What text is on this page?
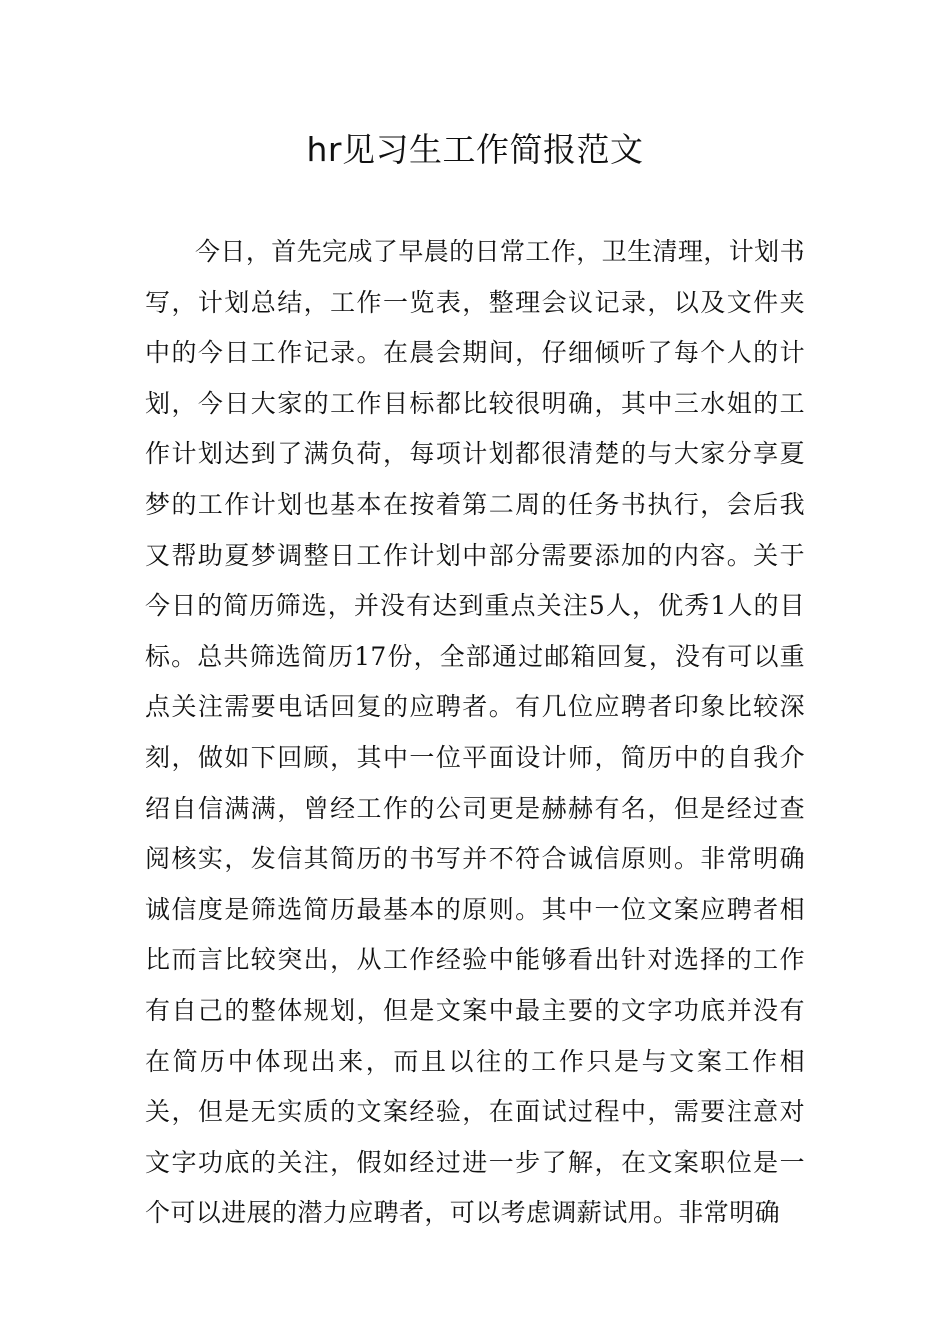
hr见习生工作简报范文

今日，首先完成了早晨的日常工作，卫生清理，计划书写，计划总结，工作一览表，整理会议记录，以及文件夹中的今日工作记录。在晨会期间，仔细倾听了每个人的计划，今日大家的工作目标都比较很明确，其中三水姐的工作计划达到了满负荷，每项计划都很清楚的与大家分享夏梦的工作计划也基本在按着第二周的任务书执行，会后我又帮助夏梦调整日工作计划中部分需要添加的内容。关于今日的简历筛选，并没有达到重点关注5人，优秀1人的目标。总共筛选简历17份，全部通过邮箱回复，没有可以重点关注需要电话回复的应聘者。有几位应聘者印象比较深刻，做如下回顾，其中一位平面设计师，简历中的自我介绍自信满满，曾经工作的公司更是赫赫有名，但是经过查阅核实，发信其简历的书写并不符合诚信原则。非常明确诚信度是筛选简历最基本的原则。其中一位文案应聘者相比而言比较突出，从工作经验中能够看出针对选择的工作有自己的整体规划，但是文案中最主要的文字功底并没有在简历中体现出来，而且以往的工作只是与文案工作相关，但是无实质的文案经验，在面试过程中，需要注意对文字功底的关注，假如经过进一步了解，在文案职位是一个可以进展的潜力应聘者，可以考虑调薪试用。非常明确
